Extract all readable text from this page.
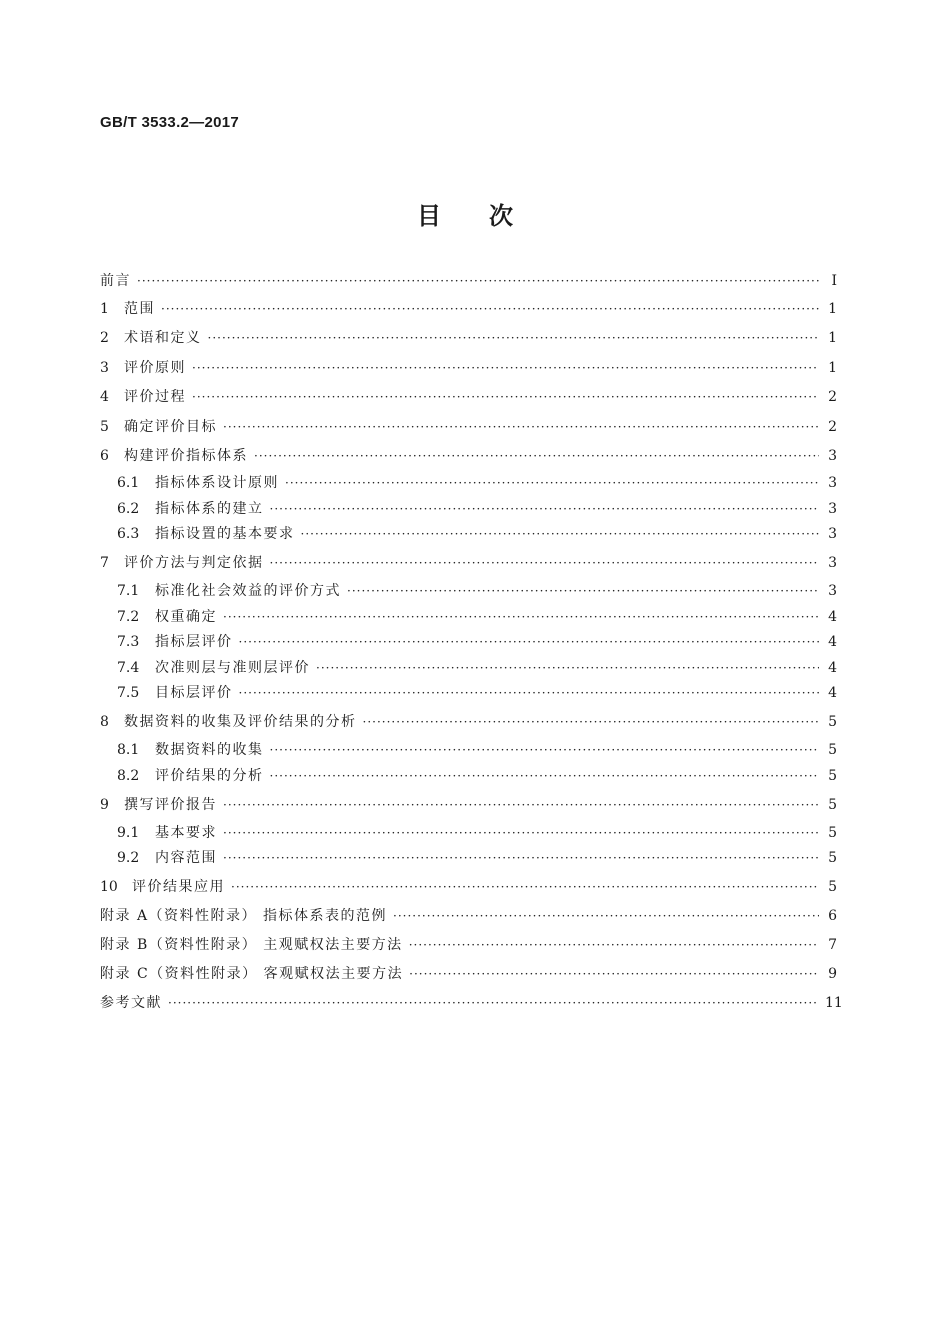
GB/T 3533.2—2017
目次
前言 ·····	Ⅰ
1	范围 ·····	1
2	术语和定义 ·····	1
3	评价原则 ·····	1
4	评价过程 ·····	2
5	确定评价目标 ·····	2
6	构建评价指标体系 ·····	3
6.1	指标体系设计原则 ·····	3
6.2	指标体系的建立 ·····	3
6.3	指标设置的基本要求 ·····	3
7	评价方法与判定依据 ·····	3
7.1	标准化社会效益的评价方式 ·····	3
7.2	权重确定 ·····	4
7.3	指标层评价 ·····	4
7.4	次准则层与准则层评价 ·····	4
7.5	目标层评价 ·····	4
8	数据资料的收集及评价结果的分析 ·····	5
8.1	数据资料的收集 ·····	5
8.2	评价结果的分析 ·····	5
9	撰写评价报告 ·····	5
9.1	基本要求 ·····	5
9.2	内容范围 ·····	5
10	评价结果应用 ·····	5
附录 A（资料性附录） 指标体系表的范例 ·····	6
附录 B（资料性附录） 主观赋权法主要方法 ·····	7
附录 C（资料性附录） 客观赋权法主要方法 ·····	9
参考文献 ·····	11
